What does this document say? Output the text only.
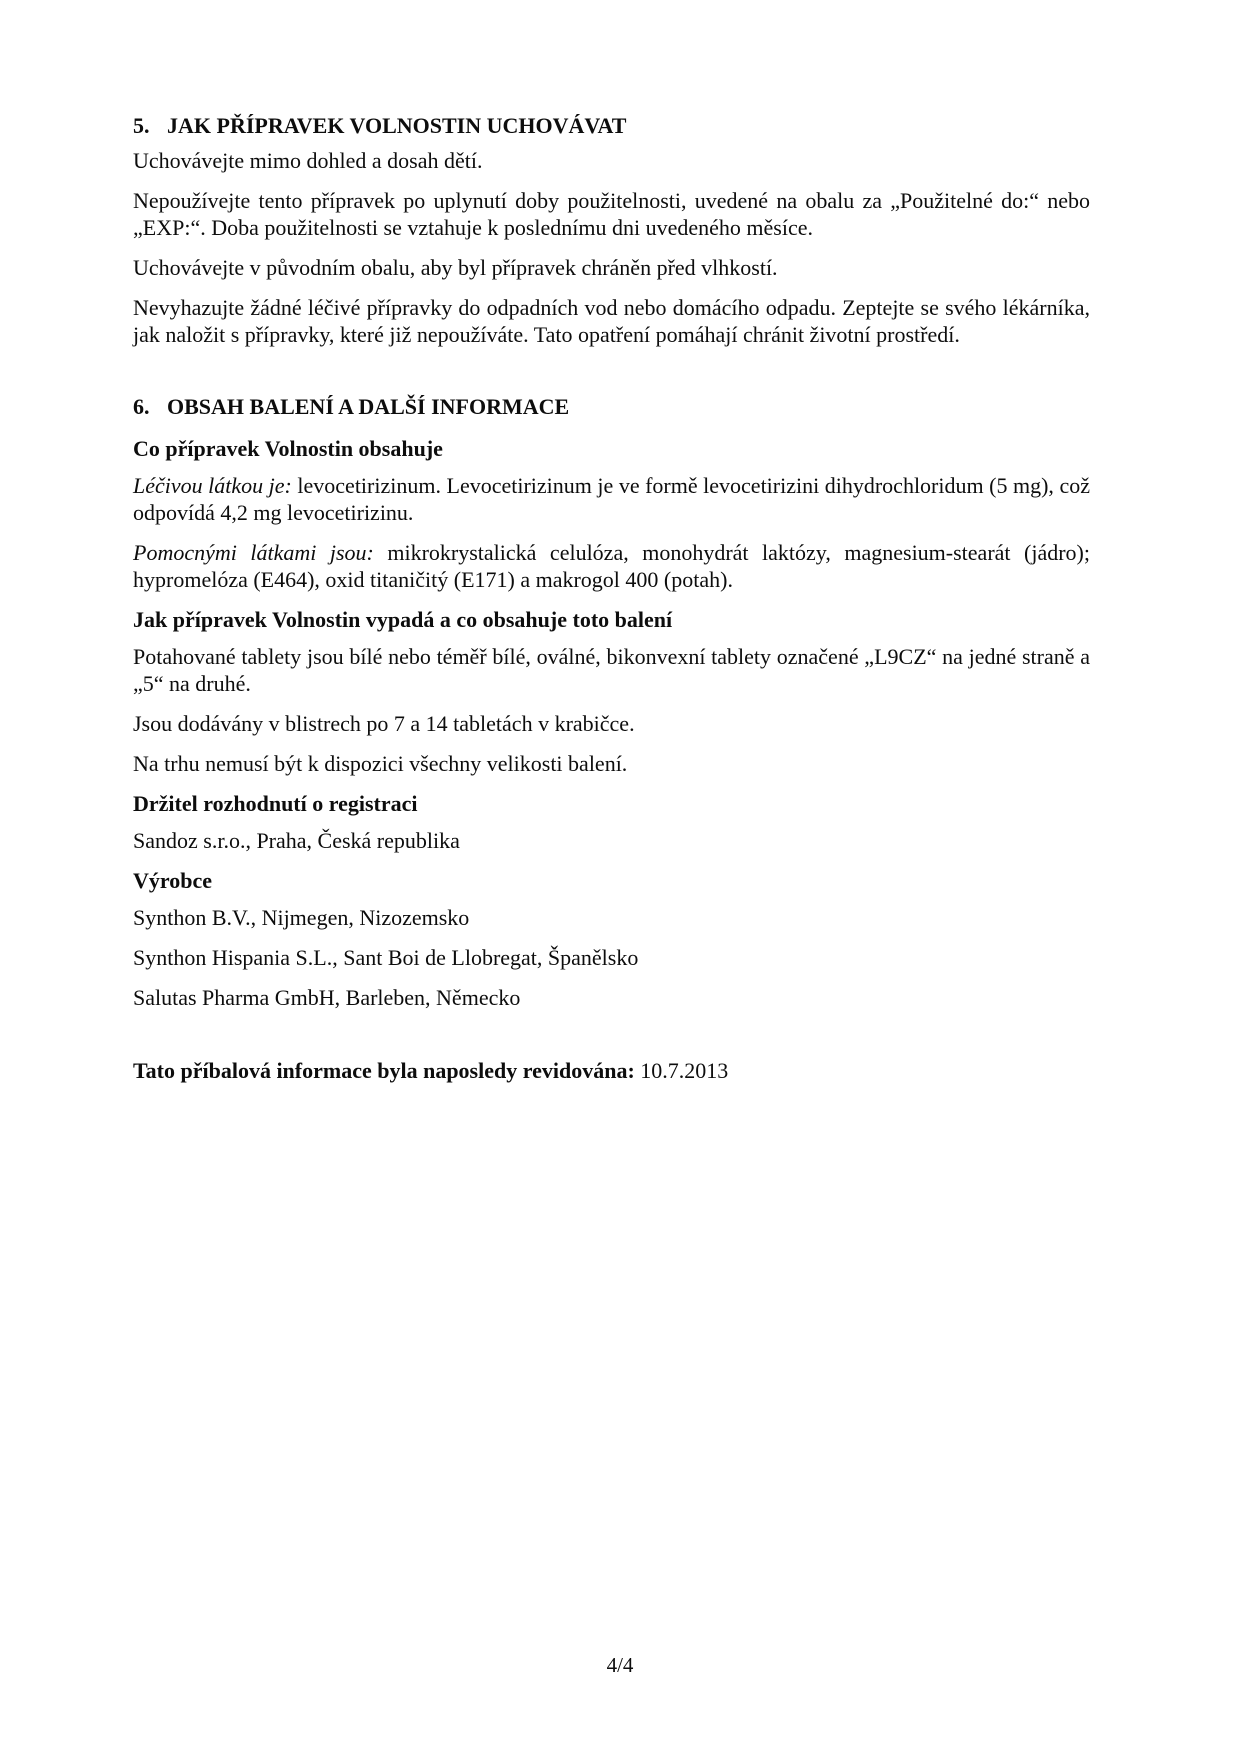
5. JAK PŘÍPRAVEK VOLNOSTIN UCHOVÁVAT

Uchovávejte mimo dohled a dosah dětí.

Nepoužívejte tento přípravek po uplynutí doby použitelnosti, uvedené na obalu za „Použitelné do:“ nebo „EXP:“. Doba použitelnosti se vztahuje k poslednímu dni uvedeného měsíce.

Uchovávejte v původním obalu, aby byl přípravek chráněn před vlhkostí.

Nevyhazujte žádné léčivé přípravky do odpadních vod nebo domácího odpadu. Zeptejte se svého lékárníka, jak naložit s přípravky, které již nepoužíváte. Tato opatření pomáhají chránit životní prostředí.

6. OBSAH BALENÍ A DALŠÍ INFORMACE

Co přípravek Volnostin obsahuje

Léčivou látkou je: levocetirizinum. Levocetirizinum je ve formě levocetirizini dihydrochloridum (5 mg), což odpovídá 4,2 mg levocetirizinu.

Pomocnými látkami jsou: mikrokrystalická celulóza, monohydrát laktózy, magnesium-stearát (jádro); hypromelóza (E464), oxid titaničitý (E171) a makrogol 400 (potah).

Jak přípravek Volnostin vypadá a co obsahuje toto balení

Potahované tablety jsou bílé nebo téměř bílé, oválné, bikonvexní tablety označené „L9CZ“ na jedné straně a „5“ na druhé.

Jsou dodávány v blistrech po 7 a 14 tabletách v krabičce.

Na trhu nemusí být k dispozici všechny velikosti balení.

Držitel rozhodnutí o registraci

Sandoz s.r.o., Praha, Česká republika

Výrobce

Synthon B.V., Nijmegen, Nizozemsko

Synthon Hispania S.L., Sant Boi de Llobregat, Španělsko

Salutas Pharma GmbH, Barleben, Německo

Tato příbalová informace byla naposledy revidována: 10.7.2013

4/4
